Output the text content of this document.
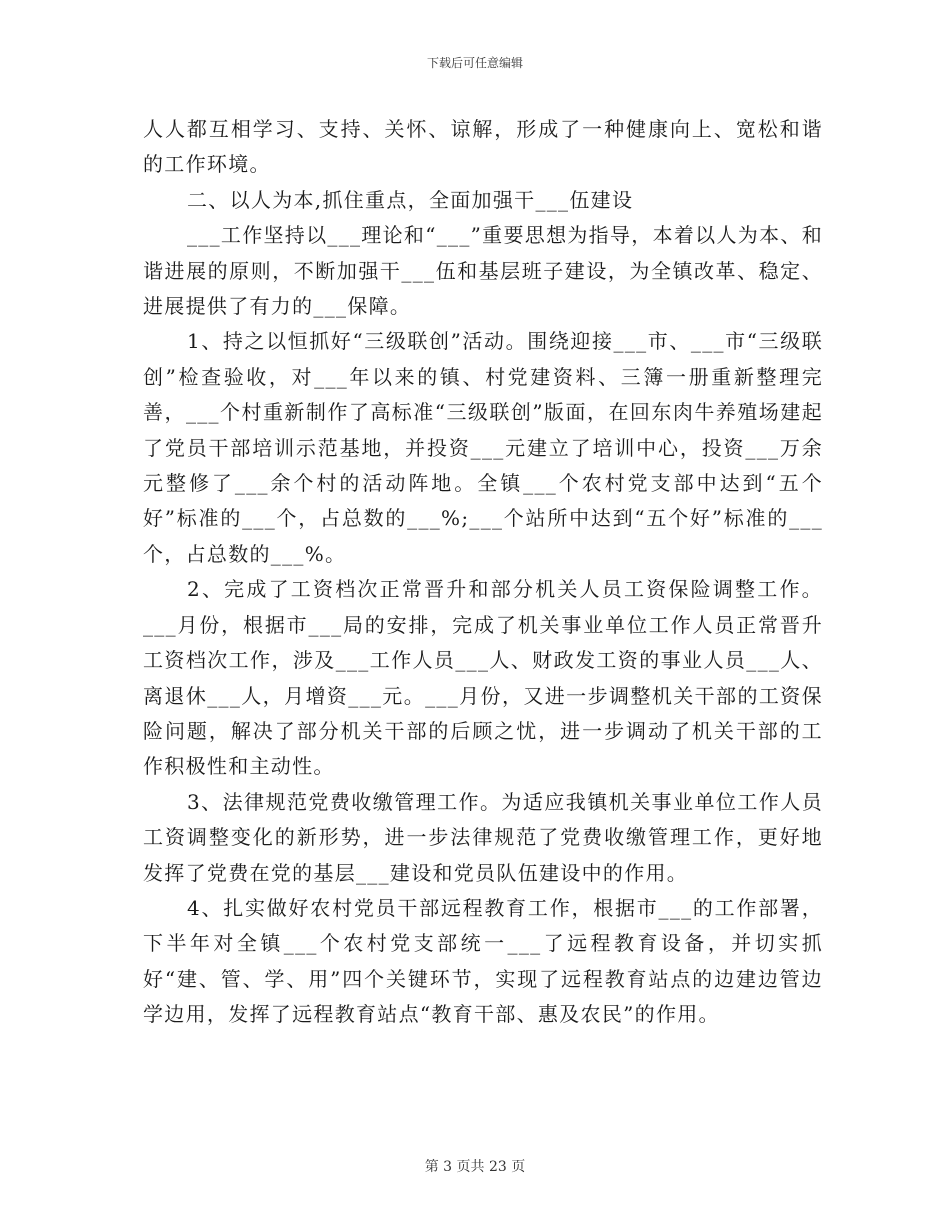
下载后可任意编辑

人人都互相学习、支持、关怀、谅解，形成了一种健康向上、宽松和谐的工作环境。

二、以人为本,抓住重点，全面加强干___伍建设

___工作坚持以___理论和“___”重要思想为指导，本着以人为本、和谐进展的原则，不断加强干___伍和基层班子建设，为全镇改革、稳定、进展提供了有力的___保障。

1、持之以恒抓好“三级联创”活动。围绕迎接___市、___市“三级联创”检查验收，对___年以来的镇、村党建资料、三簿一册重新整理完善，___个村重新制作了高标准“三级联创”版面，在回东肉牛养殖场建起了党员干部培训示范基地，并投资___元建立了培训中心，投资___万余元整修了___余个村的活动阵地。全镇___个农村党支部中达到“五个好”标准的___个，占总数的___%;___个站所中达到“五个好”标准的___个，占总数的___%。

2、完成了工资档次正常晋升和部分机关人员工资保险调整工作。___月份，根据市___局的安排，完成了机关事业单位工作人员正常晋升工资档次工作，涉及___工作人员___人、财政发工资的事业人员___人、离退休___人，月增资___元。___月份，又进一步调整机关干部的工资保险问题，解决了部分机关干部的后顾之忧，进一步调动了机关干部的工作积极性和主动性。

3、法律规范党费收缴管理工作。为适应我镇机关事业单位工作人员工资调整变化的新形势，进一步法律规范了党费收缴管理工作，更好地发挥了党费在党的基层___建设和党员队伍建设中的作用。

4、扎实做好农村党员干部远程教育工作，根据市___的工作部署，下半年对全镇___个农村党支部统一___了远程教育设备，并切实抓好“建、管、学、用”四个关键环节，实现了远程教育站点的边建边管边学边用，发挥了远程教育站点“教育干部、惠及农民”的作用。

第 3 页共 23 页
